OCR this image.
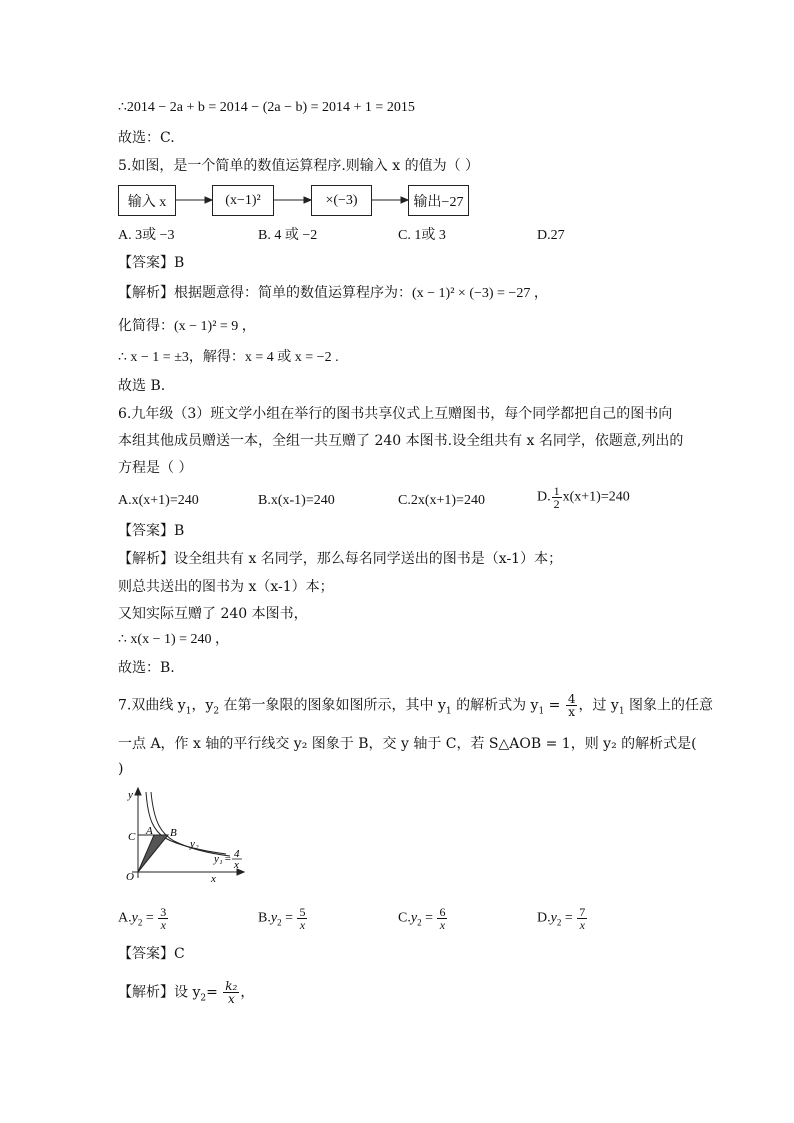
∴2014 − 2a + b = 2014 − (2a − b) = 2014 + 1 = 2015
故选：C.
5.如图，是一个简单的数值运算程序.则输入 x 的值为（ ）
输入 x	(x−1)²	×(−3)	输出−27
A. 3或 −3	B. 4 或 −2	C. 1或 3	D.27
【答案】B
【解析】根据题意得：简单的数值运算程序为：(x − 1)² × (−3) = −27 ，
化简得：(x − 1)² = 9 ，
∴ x − 1 = ±3，解得：x = 4 或 x = −2 .
故选 B.
6.九年级（3）班文学小组在举行的图书共享仪式上互赠图书，每个同学都把自己的图书向
本组其他成员赠送一本，全组一共互赠了 240 本图书.设全组共有 x 名同学，依题意,列出的
方程是（ ）
A.x(x+1)=240	B.x(x-1)=240	C.2x(x+1)=240	D. $\frac{1}{2} x(x+1)=240$
【答案】B
【解析】设全组共有 x 名同学，那么每名同学送出的图书是（x-1）本；
则总共送出的图书为 x（x-1）本；
又知实际互赠了 240 本图书，
∴ x(x − 1) = 240 ，
故选：B.
7.双曲线 $y_1$，$y_2$ 在第一象限的图象如图所示，其中 $y_1$ 的解析式为 $y_1 = \frac{4}{x}$ ，过 $y_1$ 图象上的任意
一点 A，作 x 轴的平行线交 y₂ 图象于 B，交 y 轴于 C，若 S△AOB = 1，则 y₂ 的解析式是(
)
y
x
O
C A B
y₂
y₁ = 4
x
$A.y_2 = \frac{3}{x}$	$B.y_2 = \frac{5}{x}$	$C.y_2 = \frac{6}{x}$	$D.y_2 = \frac{7}{x}$
【答案】C
【解析】设 $y_2= \frac{\text{k₂}}{x}$ ，
